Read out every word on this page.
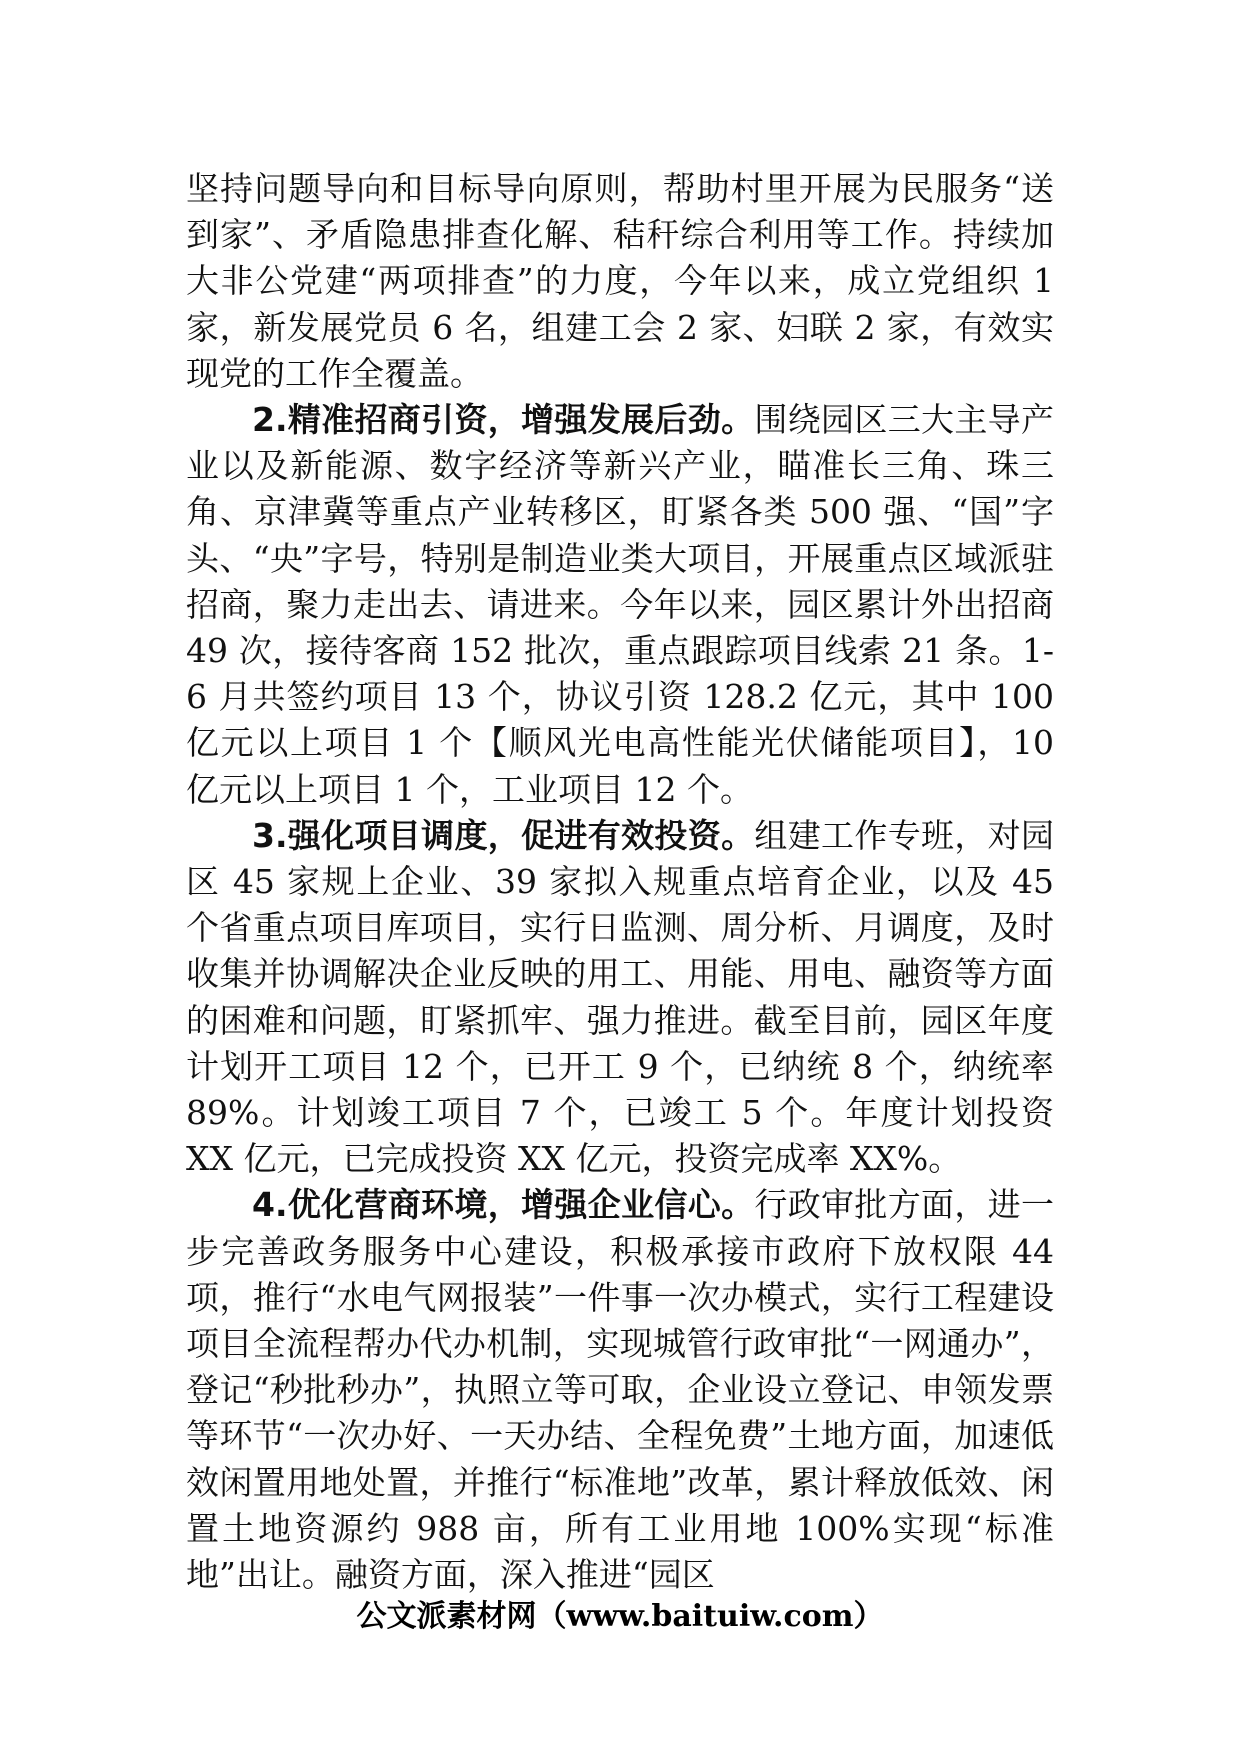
坚持问题导向和目标导向原则，帮助村里开展为民服务“送到家”、矛盾隐患排查化解、秸秆综合利用等工作。持续加大非公党建“两项排查”的力度，今年以来，成立党组织 1 家，新发展党员 6 名，组建工会 2 家、妇联 2 家，有效实现党的工作全覆盖。

2.精准招商引资，增强发展后劲。围绕园区三大主导产业以及新能源、数字经济等新兴产业，瞄准长三角、珠三角、京津冀等重点产业转移区，盯紧各类 500 强、“国”字头、“央”字号，特别是制造业类大项目，开展重点区域派驻招商，聚力走出去、请进来。今年以来，园区累计外出招商 49 次，接待客商 152 批次，重点跟踪项目线索 21 条。1-6 月共签约项目 13 个，协议引资 128.2 亿元，其中 100 亿元以上项目 1 个【顺风光电高性能光伏储能项目】，10 亿元以上项目 1 个，工业项目 12 个。

3.强化项目调度，促进有效投资。组建工作专班，对园区 45 家规上企业、39 家拟入规重点培育企业，以及 45 个省重点项目库项目，实行日监测、周分析、月调度，及时收集并协调解决企业反映的用工、用能、用电、融资等方面的困难和问题，盯紧抓牢、强力推进。截至目前，园区年度计划开工项目 12 个，已开工 9 个，已纳统 8 个，纳统率 89%。计划竣工项目 7 个，已竣工 5 个。年度计划投资 XX 亿元，已完成投资 XX 亿元，投资完成率 XX%。

4.优化营商环境，增强企业信心。行政审批方面，进一步完善政务服务中心建设，积极承接市政府下放权限 44 项，推行“水电气网报装”一件事一次办模式，实行工程建设项目全流程帮办代办机制，实现城管行政审批“一网通办”，登记“秒批秒办”，执照立等可取，企业设立登记、申领发票等环节“一次办好、一天办结、全程免费”土地方面，加速低效闲置用地处置，并推行“标准地”改革，累计释放低效、闲置土地资源约 988 亩，所有工业用地 100%实现“标准地”出让。融资方面，深入推进“园区

公文派素材网（www.baituiw.com）
